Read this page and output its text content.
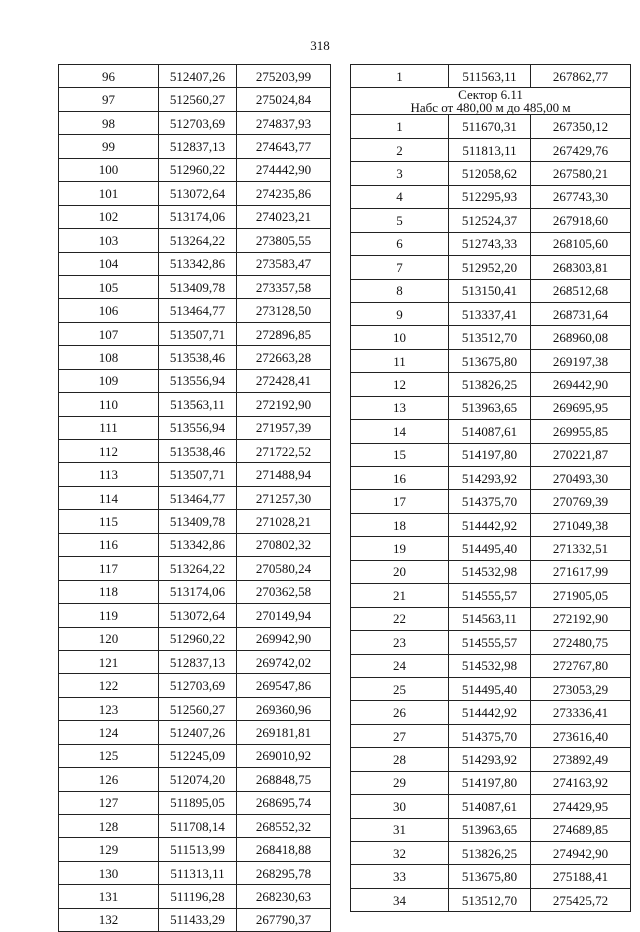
318
96	512407,26	275203,99
97	512560,27	275024,84
98	512703,69	274837,93
99	512837,13	274643,77
100	512960,22	274442,90
101	513072,64	274235,86
102	513174,06	274023,21
103	513264,22	273805,55
104	513342,86	273583,47
105	513409,78	273357,58
106	513464,77	273128,50
107	513507,71	272896,85
108	513538,46	272663,28
109	513556,94	272428,41
110	513563,11	272192,90
111	513556,94	271957,39
112	513538,46	271722,52
113	513507,71	271488,94
114	513464,77	271257,30
115	513409,78	271028,21
116	513342,86	270802,32
117	513264,22	270580,24
118	513174,06	270362,58
119	513072,64	270149,94
120	512960,22	269942,90
121	512837,13	269742,02
122	512703,69	269547,86
123	512560,27	269360,96
124	512407,26	269181,81
125	512245,09	269010,92
126	512074,20	268848,75
127	511895,05	268695,74
128	511708,14	268552,32
129	511513,99	268418,88
130	511313,11	268295,78
131	511196,28	268230,63
132	511433,29	267790,37
1	511563,11	267862,77

Сектор 6.11
Набс от 480,00 м до 485,00 м		

1	511670,31	267350,12
2	511813,11	267429,76
3	512058,62	267580,21
4	512295,93	267743,30
5	512524,37	267918,60
6	512743,33	268105,60
7	512952,20	268303,81
8	513150,41	268512,68
9	513337,41	268731,64
10	513512,70	268960,08
11	513675,80	269197,38
12	513826,25	269442,90
13	513963,65	269695,95
14	514087,61	269955,85
15	514197,80	270221,87
16	514293,92	270493,30
17	514375,70	270769,39
18	514442,92	271049,38
19	514495,40	271332,51
20	514532,98	271617,99
21	514555,57	271905,05
22	514563,11	272192,90
23	514555,57	272480,75
24	514532,98	272767,80
25	514495,40	273053,29
26	514442,92	273336,41
27	514375,70	273616,40
28	514293,92	273892,49
29	514197,80	274163,92
30	514087,61	274429,95
31	513963,65	274689,85
32	513826,25	274942,90
33	513675,80	275188,41
34	513512,70	275425,72
